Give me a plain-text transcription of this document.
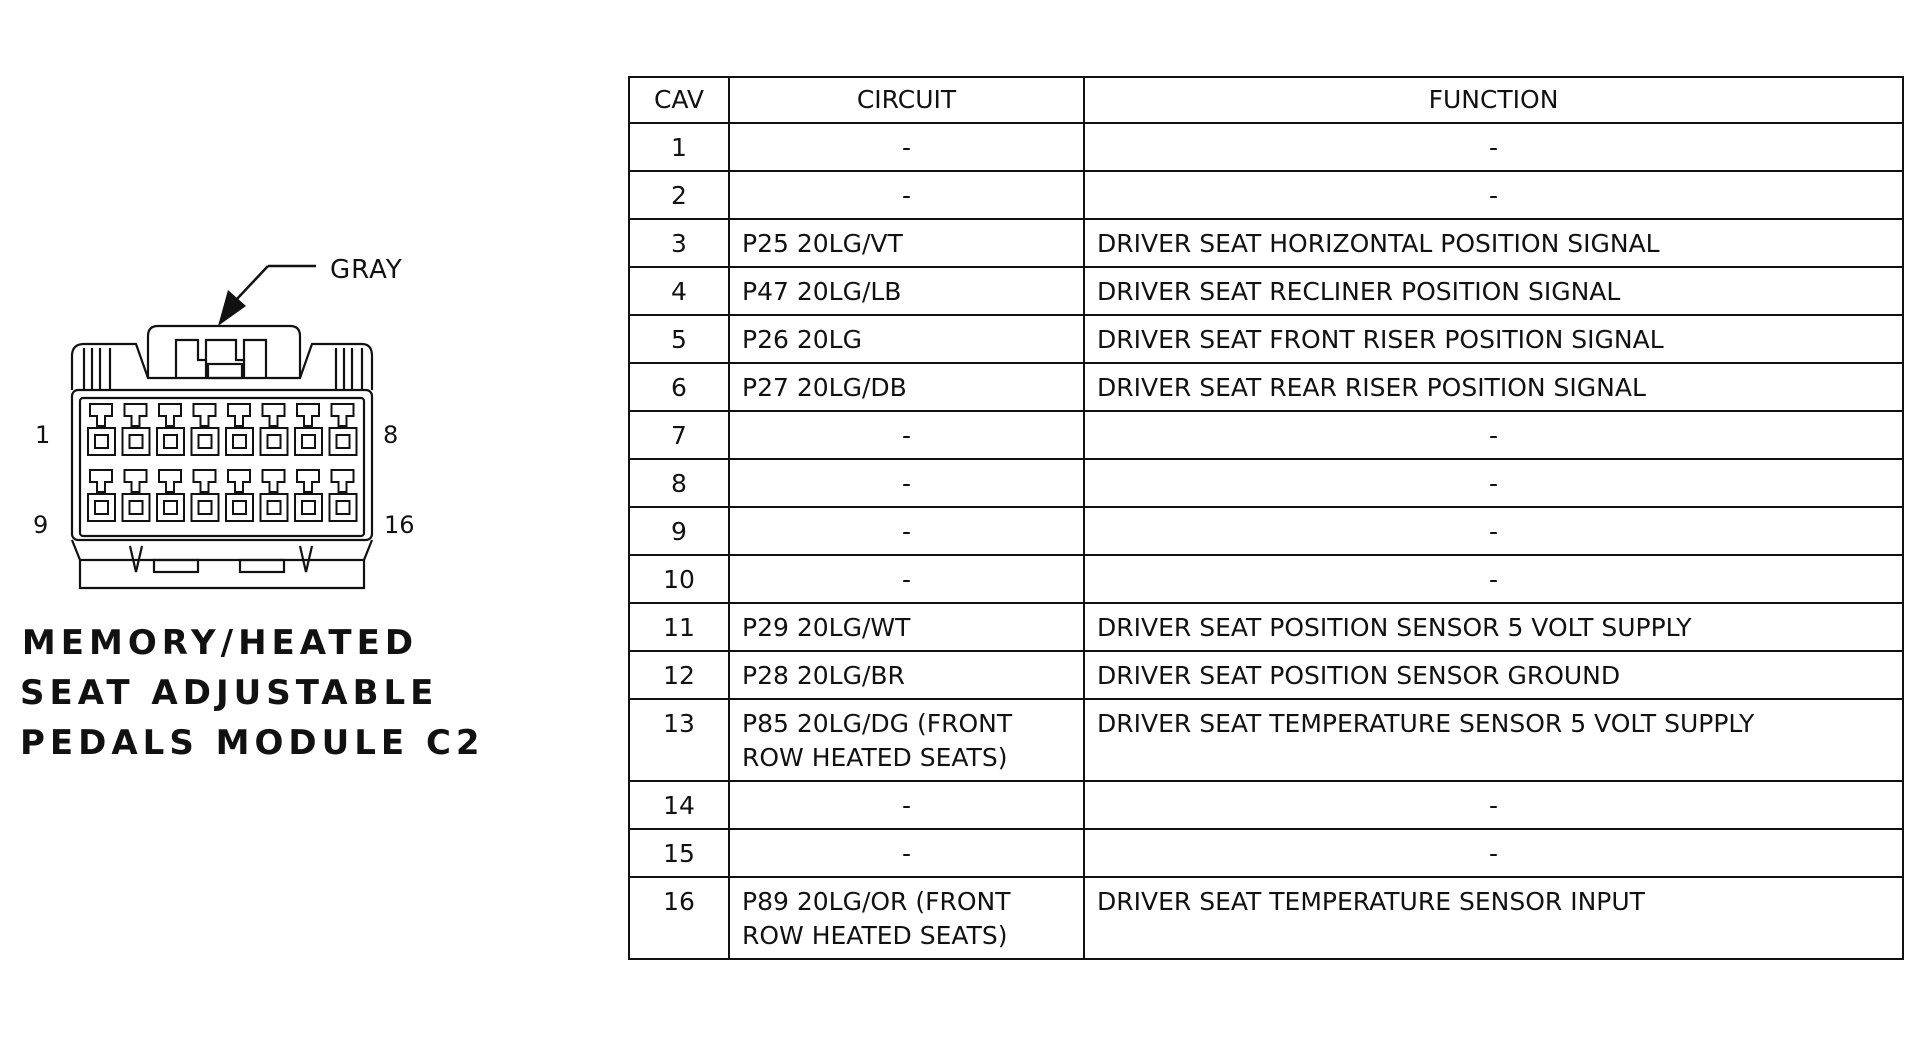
GRAY
1	8
9	16
MEMORY/HEATED
SEAT ADJUSTABLE
PEDALS MODULE C2
CAV	CIRCUIT	FUNCTION
1	-	-
2	-	-
3	P25 20LG/VT	DRIVER SEAT HORIZONTAL POSITION SIGNAL
4	P47 20LG/LB	DRIVER SEAT RECLINER POSITION SIGNAL
5	P26 20LG	DRIVER SEAT FRONT RISER POSITION SIGNAL
6	P27 20LG/DB	DRIVER SEAT REAR RISER POSITION SIGNAL
7	-	-
8	-	-
9	-	-
10	-	-
11	P29 20LG/WT	DRIVER SEAT POSITION SENSOR 5 VOLT SUPPLY
12	P28 20LG/BR	DRIVER SEAT POSITION SENSOR GROUND
13	P85 20LG/DG (FRONT ROW HEATED SEATS)	DRIVER SEAT TEMPERATURE SENSOR 5 VOLT SUPPLY
14	-	-
15	-	-
16	P89 20LG/OR (FRONT ROW HEATED SEATS)	DRIVER SEAT TEMPERATURE SENSOR INPUT
